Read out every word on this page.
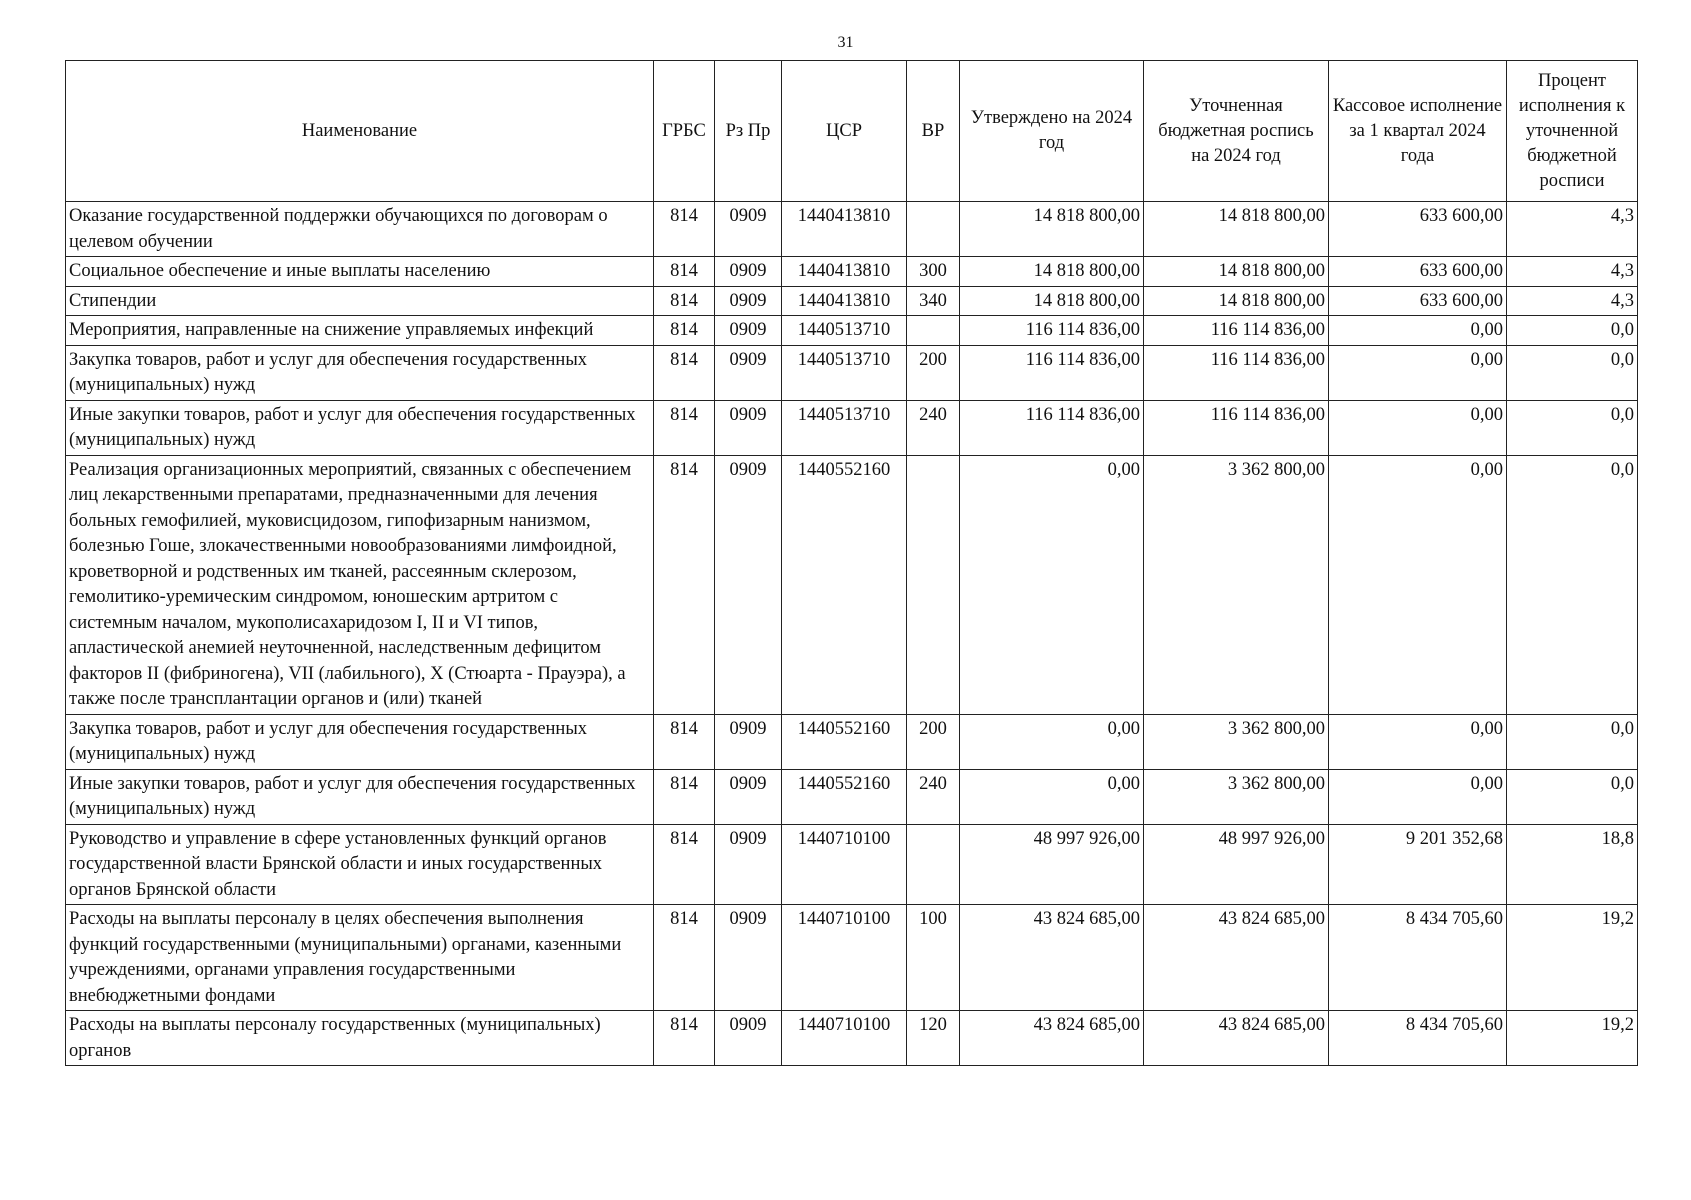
31
Наименование	ГРБС	Рз Пр	ЦСР	ВР	Утверждено на 2024 год	Уточненная бюджетная роспись на 2024 год	Кассовое исполнение за 1 квартал 2024 года	Процент исполнения к уточненной бюджетной росписи
Оказание государственной поддержки обучающихся по договорам о целевом обучении	814	0909	1440413810		14 818 800,00	14 818 800,00	633 600,00	4,3
Социальное обеспечение и иные выплаты населению	814	0909	1440413810	300	14 818 800,00	14 818 800,00	633 600,00	4,3
Стипендии	814	0909	1440413810	340	14 818 800,00	14 818 800,00	633 600,00	4,3
Мероприятия, направленные на снижение управляемых инфекций	814	0909	1440513710		116 114 836,00	116 114 836,00	0,00	0,0
Закупка товаров, работ и услуг для обеспечения государственных (муниципальных) нужд	814	0909	1440513710	200	116 114 836,00	116 114 836,00	0,00	0,0
Иные закупки товаров, работ и услуг для обеспечения государственных (муниципальных) нужд	814	0909	1440513710	240	116 114 836,00	116 114 836,00	0,00	0,0
Реализация организационных мероприятий, связанных с обеспечением лиц лекарственными препаратами, предназначенными для лечения больных гемофилией, муковисцидозом, гипофизарным нанизмом, болезнью Гоше, злокачественными новообразованиями лимфоидной, кроветворной и родственных им тканей, рассеянным склерозом, гемолитико-уремическим синдромом, юношеским артритом с системным началом, мукополисахаридозом I, II и VI типов, апластической анемией неуточненной, наследственным дефицитом факторов II (фибриногена), VII (лабильного), X (Стюарта - Прауэра), а также после трансплантации органов и (или) тканей	814	0909	1440552160		0,00	3 362 800,00	0,00	0,0
Закупка товаров, работ и услуг для обеспечения государственных (муниципальных) нужд	814	0909	1440552160	200	0,00	3 362 800,00	0,00	0,0
Иные закупки товаров, работ и услуг для обеспечения государственных (муниципальных) нужд	814	0909	1440552160	240	0,00	3 362 800,00	0,00	0,0
Руководство и управление в сфере установленных функций органов государственной власти Брянской области и иных государственных органов Брянской области	814	0909	1440710100		48 997 926,00	48 997 926,00	9 201 352,68	18,8
Расходы на выплаты персоналу в целях обеспечения выполнения функций государственными (муниципальными) органами, казенными учреждениями, органами управления государственными внебюджетными фондами	814	0909	1440710100	100	43 824 685,00	43 824 685,00	8 434 705,60	19,2
Расходы на выплаты персоналу государственных (муниципальных) органов	814	0909	1440710100	120	43 824 685,00	43 824 685,00	8 434 705,60	19,2
